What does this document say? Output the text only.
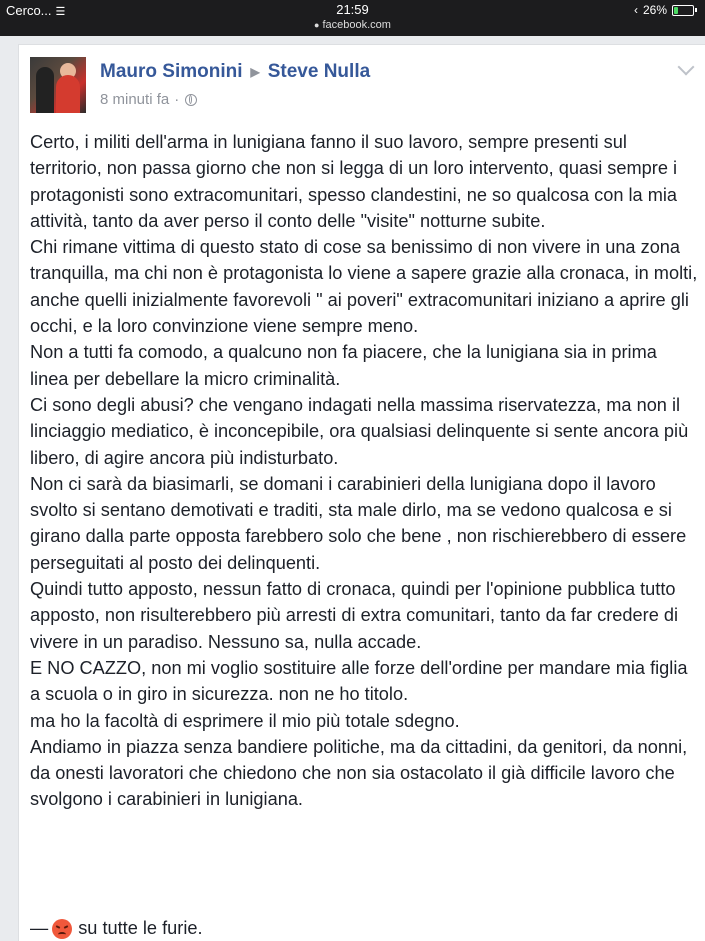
Cerco... ☰	21:59
● facebook.com
‹ 26%
Mauro Simonini ▶ Steve Nulla
8 minuti fa ·

Certo, i militi dell'arma in lunigiana fanno il suo lavoro, sempre presenti sul territorio, non passa giorno che non si legga di un loro intervento, quasi sempre i protagonisti sono extracomunitari, spesso clandestini, ne so qualcosa con la mia attività, tanto da aver perso il conto delle "visite" notturne subite.

Chi rimane vittima di questo stato di cose sa benissimo di non vivere in una zona tranquilla, ma chi non è protagonista lo viene a sapere grazie alla cronaca, in molti, anche quelli inizialmente favorevoli " ai poveri" extracomunitari iniziano a aprire gli occhi, e la loro convinzione viene sempre meno.

Non a tutti fa comodo, a qualcuno non fa piacere, che la lunigiana sia in prima linea per debellare la micro criminalità.

Ci sono degli abusi? che vengano indagati nella massima riservatezza, ma non il linciaggio mediatico, è inconcepibile, ora qualsiasi delinquente si sente ancora più libero, di agire ancora più indisturbato.

Non ci sarà da biasimarli, se domani i carabinieri della lunigiana dopo il lavoro svolto si sentano demotivati e traditi, sta male dirlo, ma se vedono qualcosa e si girano dalla parte opposta farebbero solo che bene , non rischierebbero di essere perseguitati al posto dei delinquenti.

Quindi tutto apposto, nessun fatto di cronaca, quindi per l'opinione pubblica tutto apposto, non risulterebbero più arresti di extra comunitari, tanto da far credere di vivere in un paradiso. Nessuno sa, nulla accade.

E NO CAZZO, non mi voglio sostituire alle forze dell'ordine per mandare mia figlia a scuola o in giro in sicurezza. non ne ho titolo.

ma ho la facoltà di esprimere il mio più totale sdegno.

Andiamo in piazza senza bandiere politiche, ma da cittadini, da genitori, da nonni, da onesti lavoratori che chiedono che non sia ostacolato il già difficile lavoro che svolgono i carabinieri in lunigiana.

— su tutte le furie.
